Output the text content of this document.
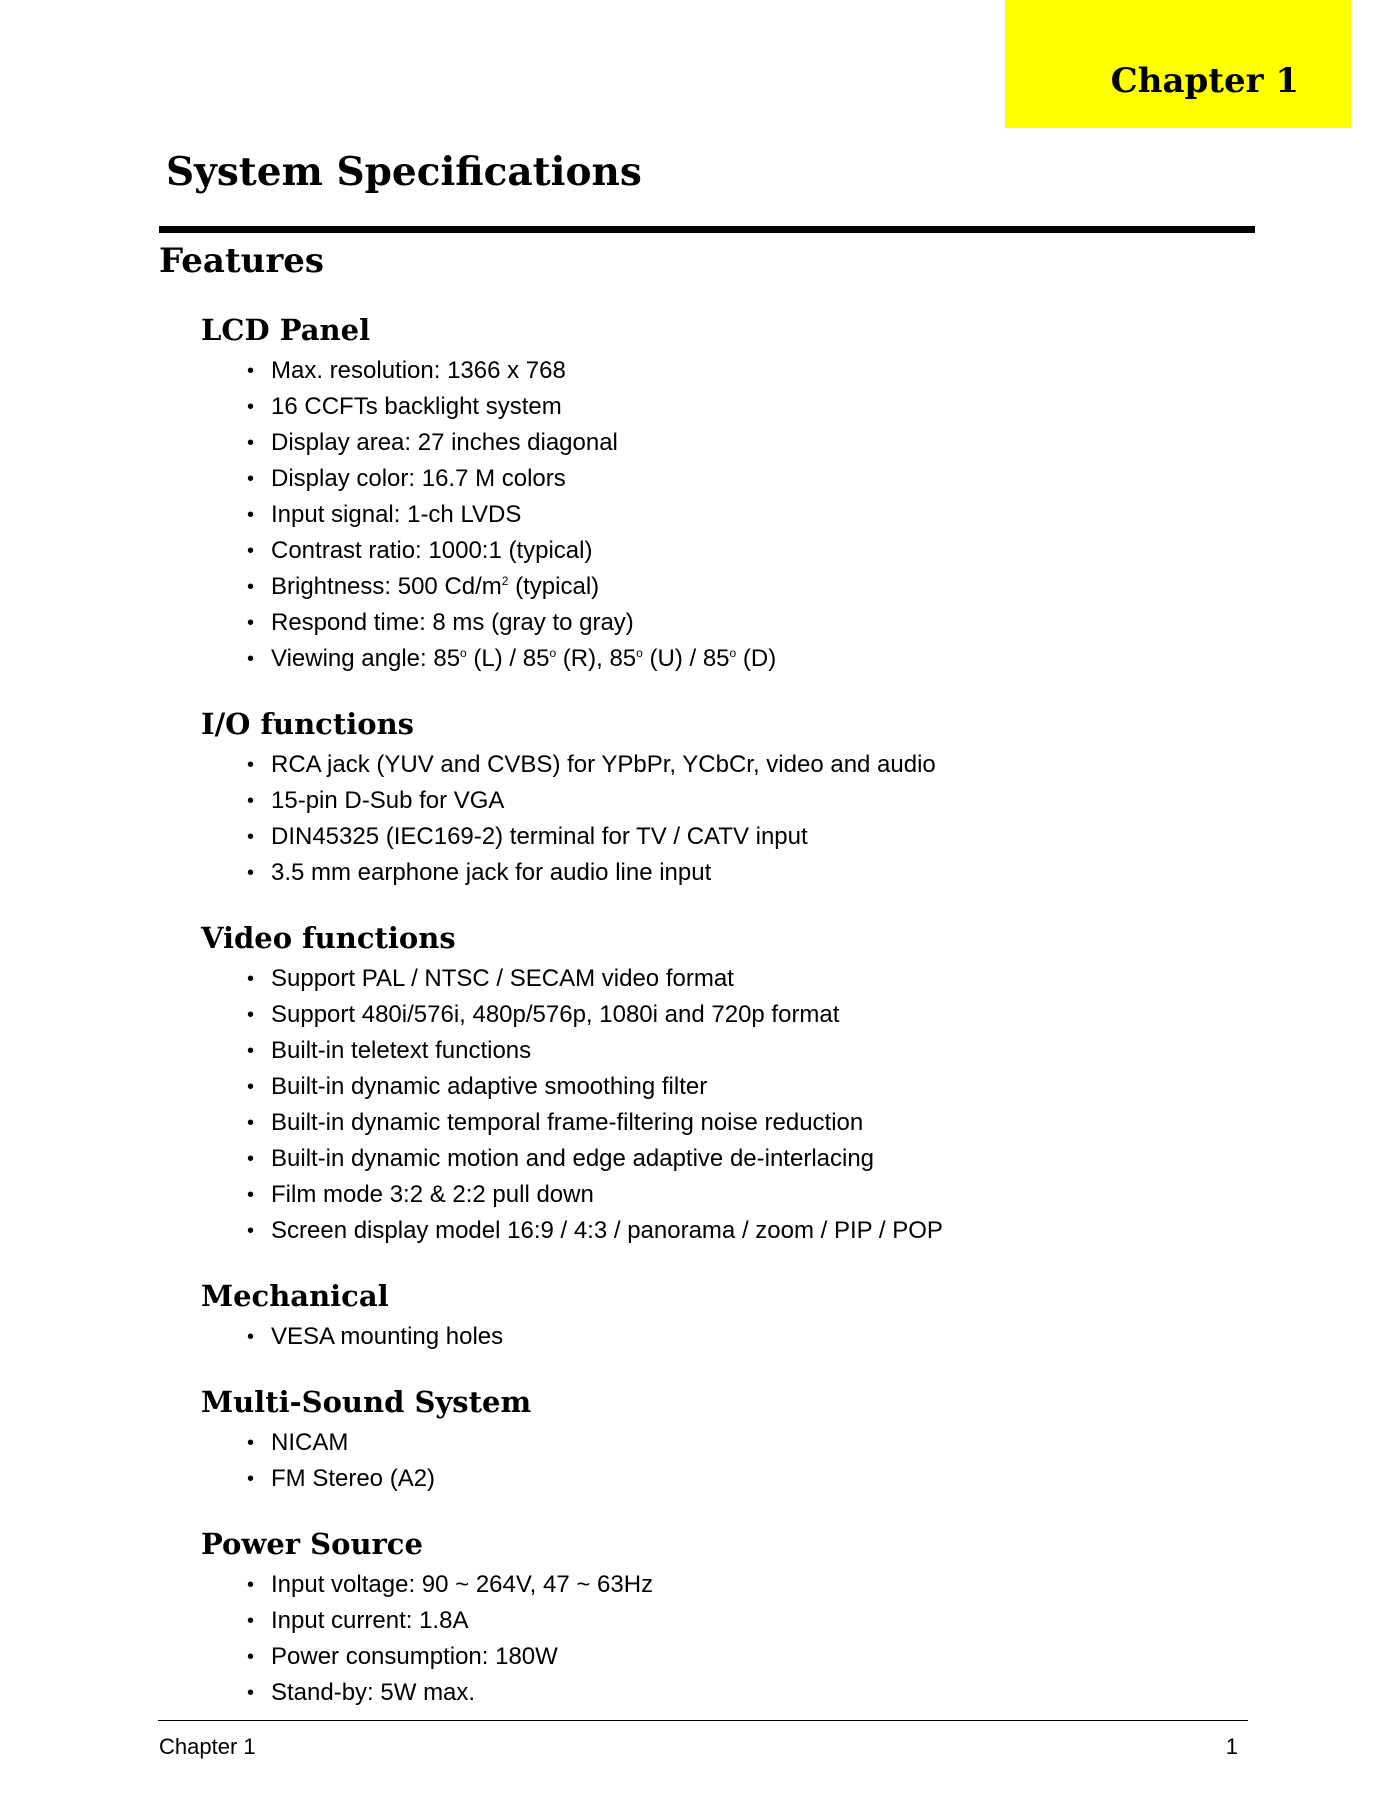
Chapter 1
System Specifications
Features
LCD Panel
• Max. resolution: 1366 x 768
• 16 CCFTs backlight system
• Display area: 27 inches diagonal
• Display color: 16.7 M colors
• Input signal: 1-ch LVDS
• Contrast ratio: 1000:1 (typical)
• Brightness: 500 $Cd/m^2$ (typical)
• Respond time: 8 ms (gray to gray)
• Viewing angle: 85$^o$ (L) / 85$^o$ (R), 85$^o$ (U) / 85$^o$ (D)
I/O functions
• RCA jack (YUV and CVBS) for YPbPr, YCbCr, video and audio
• 15-pin D-Sub for VGA
• DIN45325 (IEC169-2) terminal for TV / CATV input
• 3.5 mm earphone jack for audio line input
Video functions
• Support PAL / NTSC / SECAM video format
• Support 480i/576i, 480p/576p, 1080i and 720p format
• Built-in teletext functions
• Built-in dynamic adaptive smoothing filter
• Built-in dynamic temporal frame-filtering noise reduction
• Built-in dynamic motion and edge adaptive de-interlacing
• Film mode 3:2 & 2:2 pull down
• Screen display model 16:9 / 4:3 / panorama / zoom / PIP / POP
Mechanical
• VESA mounting holes
Multi-Sound System
• NICAM
• FM Stereo (A2)
Power Source
• Input voltage: 90 ~ 264V, 47 ~ 63Hz
• Input current: 1.8A
• Power consumption: 180W
• Stand-by: 5W max.
Chapter 1	1
